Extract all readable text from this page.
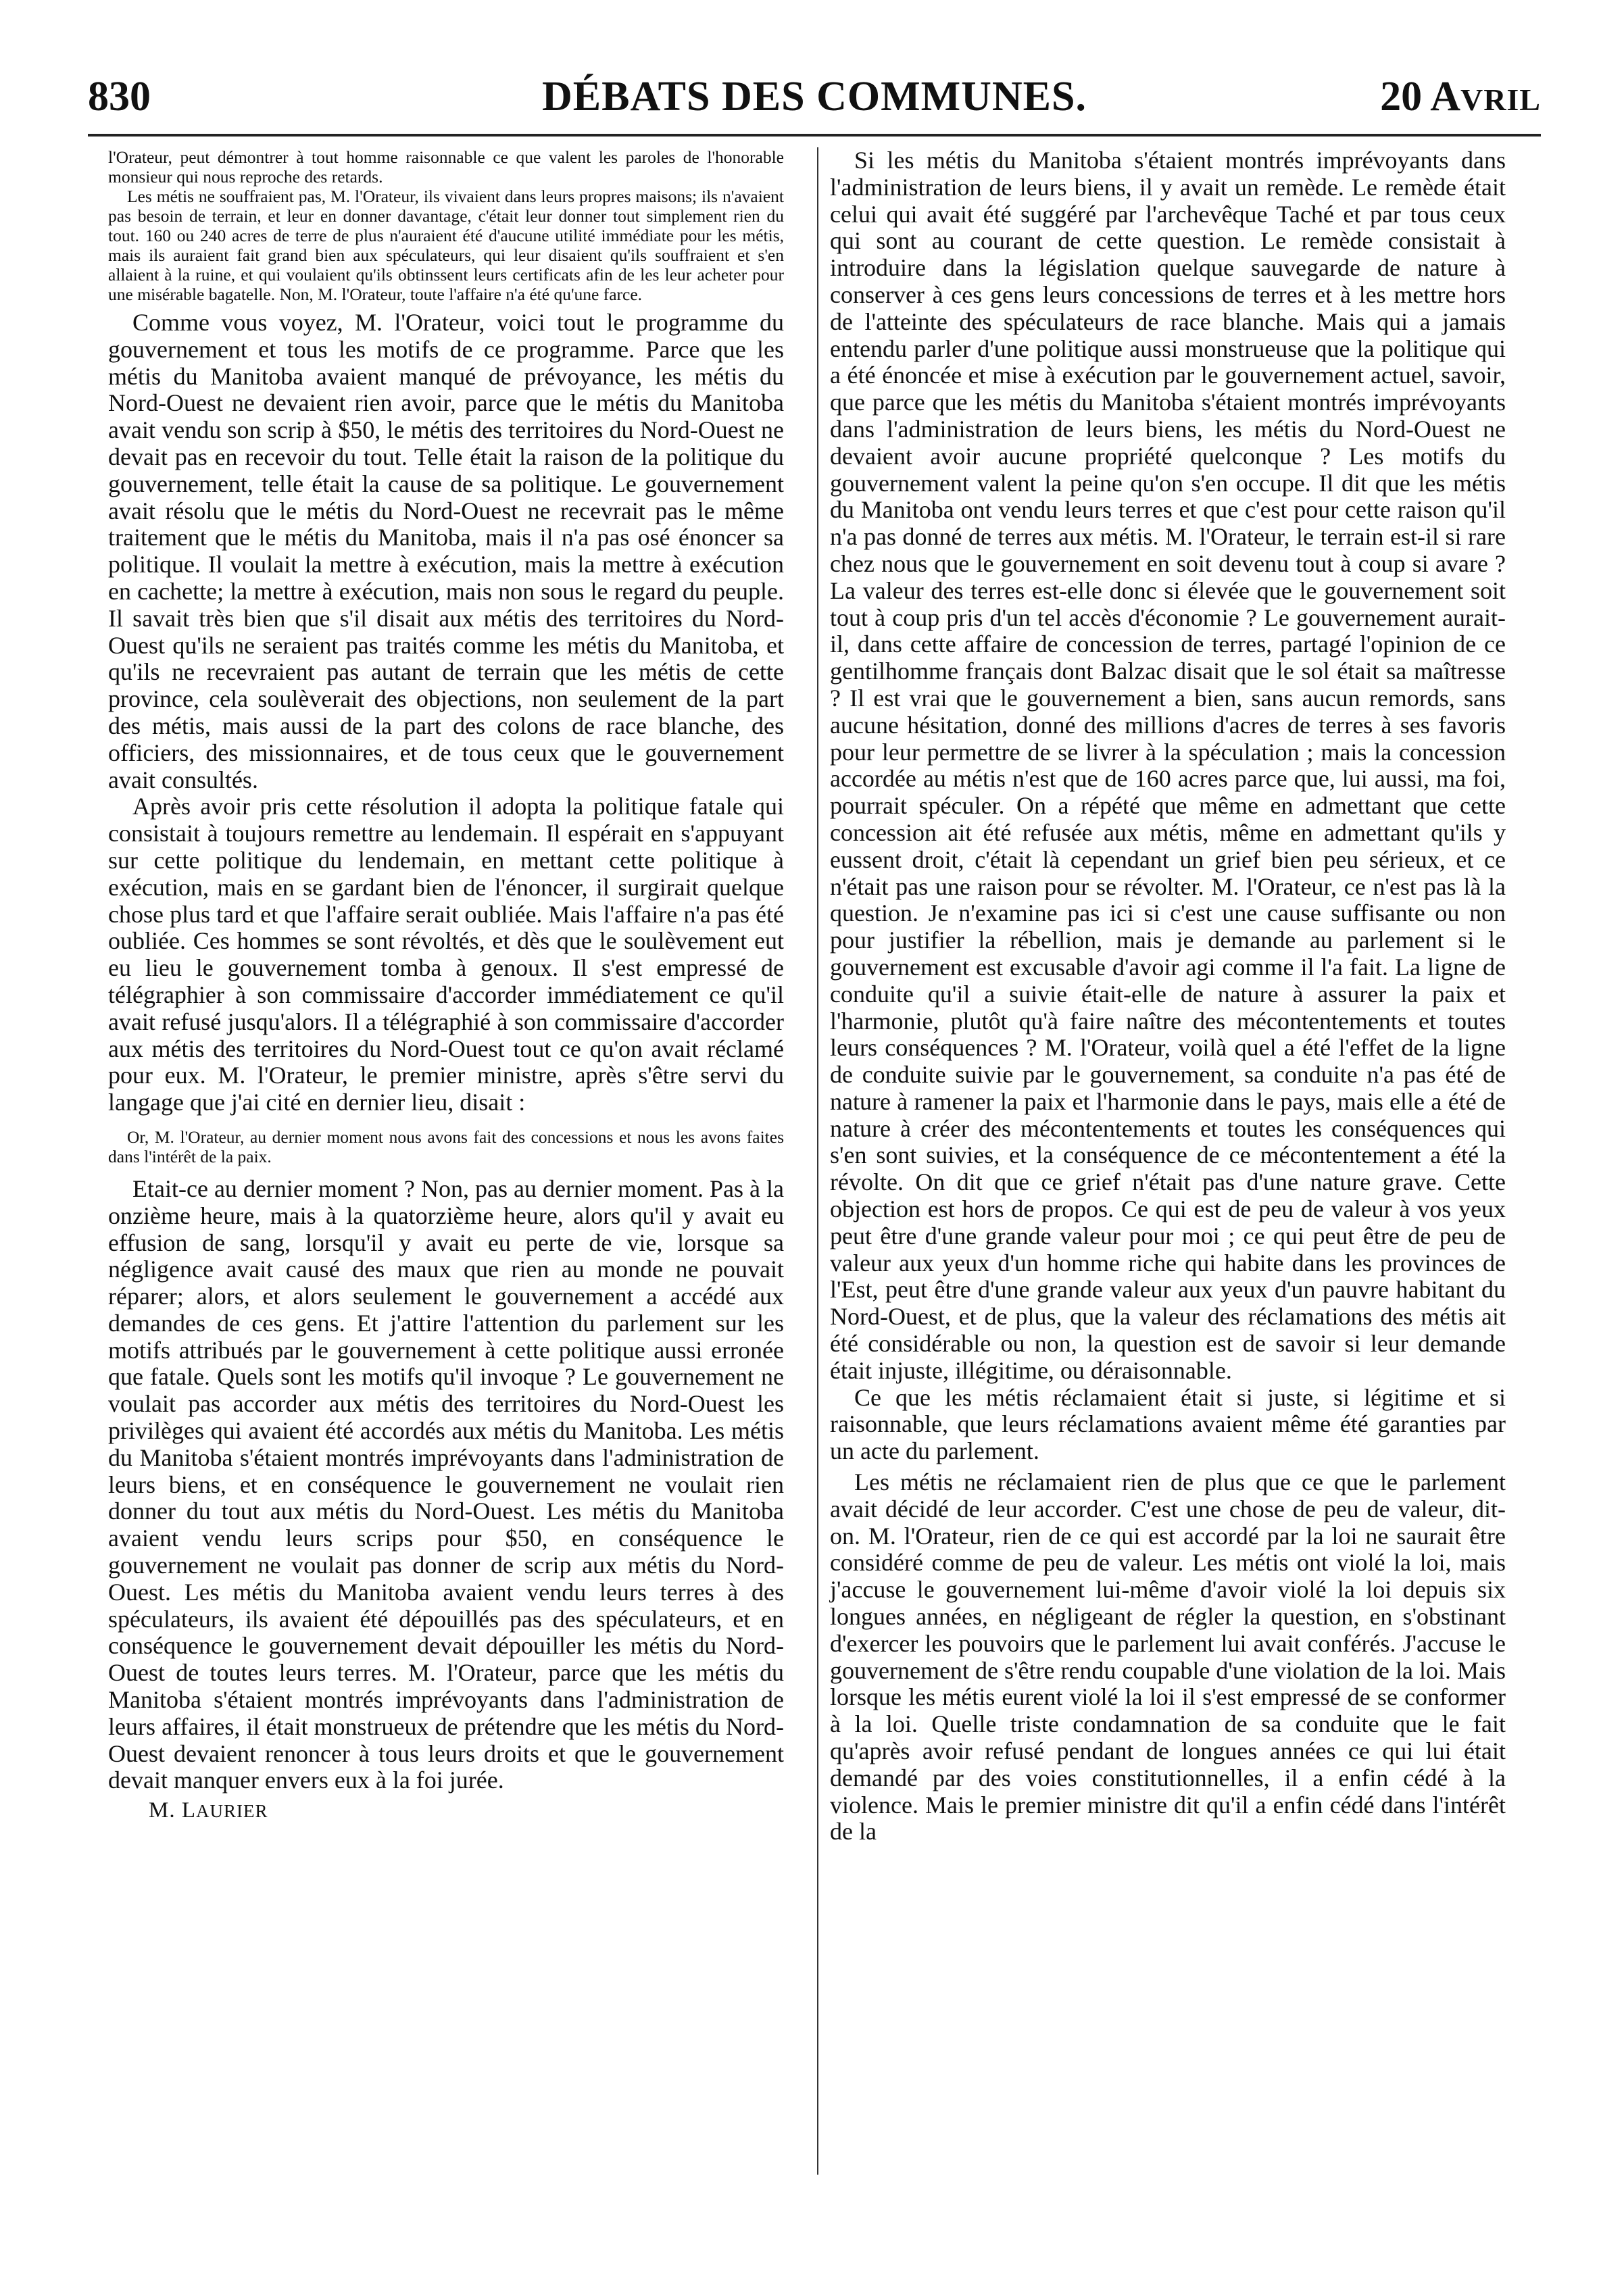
830	DÉBATS DES COMMUNES.	20 AVRIL

l'Orateur, peut démontrer à tout homme raisonnable ce que valent les paroles de l'honorable monsieur qui nous reproche des retards.

Les métis ne souffraient pas, M. l'Orateur, ils vivaient dans leurs propres maisons; ils n'avaient pas besoin de terrain, et leur en donner davantage, c'était leur donner tout simplement rien du tout. 160 ou 240 acres de terre de plus n'auraient été d'aucune utilité immédiate pour les métis, mais ils auraient fait grand bien aux spéculateurs, qui leur disaient qu'ils souffraient et s'en allaient à la ruine, et qui voulaient qu'ils obtinssent leurs certificats afin de les leur acheter pour une misérable bagatelle. Non, M. l'Orateur, toute l'affaire n'a été qu'une farce.

Comme vous voyez, M. l'Orateur, voici tout le programme du gouvernement et tous les motifs de ce programme. Parce que les métis du Manitoba avaient manqué de prévoyance, les métis du Nord-Ouest ne devaient rien avoir, parce que le métis du Manitoba avait vendu son scrip à $50, le métis des territoires du Nord-Ouest ne devait pas en recevoir du tout. Telle était la raison de la politique du gouvernement, telle était la cause de sa politique. Le gouvernement avait résolu que le métis du Nord-Ouest ne recevrait pas le même traitement que le métis du Manitoba, mais il n'a pas osé énoncer sa politique. Il voulait la mettre à exécution, mais la mettre à exécution en cachette; la mettre à exécution, mais non sous le regard du peuple. Il savait très bien que s'il disait aux métis des territoires du Nord-Ouest qu'ils ne seraient pas traités comme les métis du Manitoba, et qu'ils ne recevraient pas autant de terrain que les métis de cette province, cela soulèverait des objections, non seulement de la part des métis, mais aussi de la part des colons de race blanche, des officiers, des missionnaires, et de tous ceux que le gouvernement avait consultés.

Après avoir pris cette résolution il adopta la politique fatale qui consistait à toujours remettre au lendemain. Il espérait en s'appuyant sur cette politique du lendemain, en mettant cette politique à exécution, mais en se gardant bien de l'énoncer, il surgirait quelque chose plus tard et que l'affaire serait oubliée. Mais l'affaire n'a pas été oubliée. Ces hommes se sont révoltés, et dès que le soulèvement eut eu lieu le gouvernement tomba à genoux. Il s'est empressé de télégraphier à son commissaire d'accorder immédiatement ce qu'il avait refusé jusqu'alors. Il a télégraphié à son commissaire d'accorder aux métis des territoires du Nord-Ouest tout ce qu'on avait réclamé pour eux. M. l'Orateur, le premier ministre, après s'être servi du langage que j'ai cité en dernier lieu, disait :

Or, M. l'Orateur, au dernier moment nous avons fait des concessions et nous les avons faites dans l'intérêt de la paix.

Etait-ce au dernier moment ? Non, pas au dernier moment. Pas à la onzième heure, mais à la quatorzième heure, alors qu'il y avait eu effusion de sang, lorsqu'il y avait eu perte de vie, lorsque sa négligence avait causé des maux que rien au monde ne pouvait réparer; alors, et alors seulement le gouvernement a accédé aux demandes de ces gens. Et j'attire l'attention du parlement sur les motifs attribués par le gouvernement à cette politique aussi erronée que fatale. Quels sont les motifs qu'il invoque ? Le gouvernement ne voulait pas accorder aux métis des territoires du Nord-Ouest les privilèges qui avaient été accordés aux métis du Manitoba. Les métis du Manitoba s'étaient montrés imprévoyants dans l'administration de leurs biens, et en conséquence le gouvernement ne voulait rien donner du tout aux métis du Nord-Ouest. Les métis du Manitoba avaient vendu leurs scrips pour $50, en conséquence le gouvernement ne voulait pas donner de scrip aux métis du Nord-Ouest. Les métis du Manitoba avaient vendu leurs terres à des spéculateurs, ils avaient été dépouillés pas des spéculateurs, et en conséquence le gouvernement devait dépouiller les métis du Nord-Ouest de toutes leurs terres. M. l'Orateur, parce que les métis du Manitoba s'étaient montrés imprévoyants dans l'administration de leurs affaires, il était monstrueux de prétendre que les métis du Nord-Ouest devaient renoncer à tous leurs droits et que le gouvernement devait manquer envers eux à la foi jurée.

M. LAURIER

Si les métis du Manitoba s'étaient montrés imprévoyants dans l'administration de leurs biens, il y avait un remède. Le remède était celui qui avait été suggéré par l'archevêque Taché et par tous ceux qui sont au courant de cette question. Le remède consistait à introduire dans la législation quelque sauvegarde de nature à conserver à ces gens leurs concessions de terres et à les mettre hors de l'atteinte des spéculateurs de race blanche. Mais qui a jamais entendu parler d'une politique aussi monstrueuse que la politique qui a été énoncée et mise à exécution par le gouvernement actuel, savoir, que parce que les métis du Manitoba s'étaient montrés imprévoyants dans l'administration de leurs biens, les métis du Nord-Ouest ne devaient avoir aucune propriété quelconque ? Les motifs du gouvernement valent la peine qu'on s'en occupe. Il dit que les métis du Manitoba ont vendu leurs terres et que c'est pour cette raison qu'il n'a pas donné de terres aux métis. M. l'Orateur, le terrain est-il si rare chez nous que le gouvernement en soit devenu tout à coup si avare ? La valeur des terres est-elle donc si élevée que le gouvernement soit tout à coup pris d'un tel accès d'économie ? Le gouvernement aurait-il, dans cette affaire de concession de terres, partagé l'opinion de ce gentilhomme français dont Balzac disait que le sol était sa maîtresse ? Il est vrai que le gouvernement a bien, sans aucun remords, sans aucune hésitation, donné des millions d'acres de terres à ses favoris pour leur permettre de se livrer à la spéculation ; mais la concession accordée au métis n'est que de 160 acres parce que, lui aussi, ma foi, pourrait spéculer. On a répété que même en admettant que cette concession ait été refusée aux métis, même en admettant qu'ils y eussent droit, c'était là cependant un grief bien peu sérieux, et ce n'était pas une raison pour se révolter. M. l'Orateur, ce n'est pas là la question. Je n'examine pas ici si c'est une cause suffisante ou non pour justifier la rébellion, mais je demande au parlement si le gouvernement est excusable d'avoir agi comme il l'a fait. La ligne de conduite qu'il a suivie était-elle de nature à assurer la paix et l'harmonie, plutôt qu'à faire naître des mécontentements et toutes leurs conséquences ? M. l'Orateur, voilà quel a été l'effet de la ligne de conduite suivie par le gouvernement, sa conduite n'a pas été de nature à ramener la paix et l'harmonie dans le pays, mais elle a été de nature à créer des mécontentements et toutes les conséquences qui s'en sont suivies, et la conséquence de ce mécontentement a été la révolte. On dit que ce grief n'était pas d'une nature grave. Cette objection est hors de propos. Ce qui est de peu de valeur à vos yeux peut être d'une grande valeur pour moi ; ce qui peut être de peu de valeur aux yeux d'un homme riche qui habite dans les provinces de l'Est, peut être d'une grande valeur aux yeux d'un pauvre habitant du Nord-Ouest, et de plus, que la valeur des réclamations des métis ait été considérable ou non, la question est de savoir si leur demande était injuste, illégitime, ou déraisonnable.

Ce que les métis réclamaient était si juste, si légitime et si raisonnable, que leurs réclamations avaient même été garanties par un acte du parlement.

Les métis ne réclamaient rien de plus que ce que le parlement avait décidé de leur accorder. C'est une chose de peu de valeur, dit-on. M. l'Orateur, rien de ce qui est accordé par la loi ne saurait être considéré comme de peu de valeur. Les métis ont violé la loi, mais j'accuse le gouvernement lui-même d'avoir violé la loi depuis six longues années, en négligeant de régler la question, en s'obstinant d'exercer les pouvoirs que le parlement lui avait conférés. J'accuse le gouvernement de s'être rendu coupable d'une violation de la loi. Mais lorsque les métis eurent violé la loi il s'est empressé de se conformer à la loi. Quelle triste condamnation de sa conduite que le fait qu'après avoir refusé pendant de longues années ce qui lui était demandé par des voies constitutionnelles, il a enfin cédé à la violence. Mais le premier ministre dit qu'il a enfin cédé dans l'intérêt de la
